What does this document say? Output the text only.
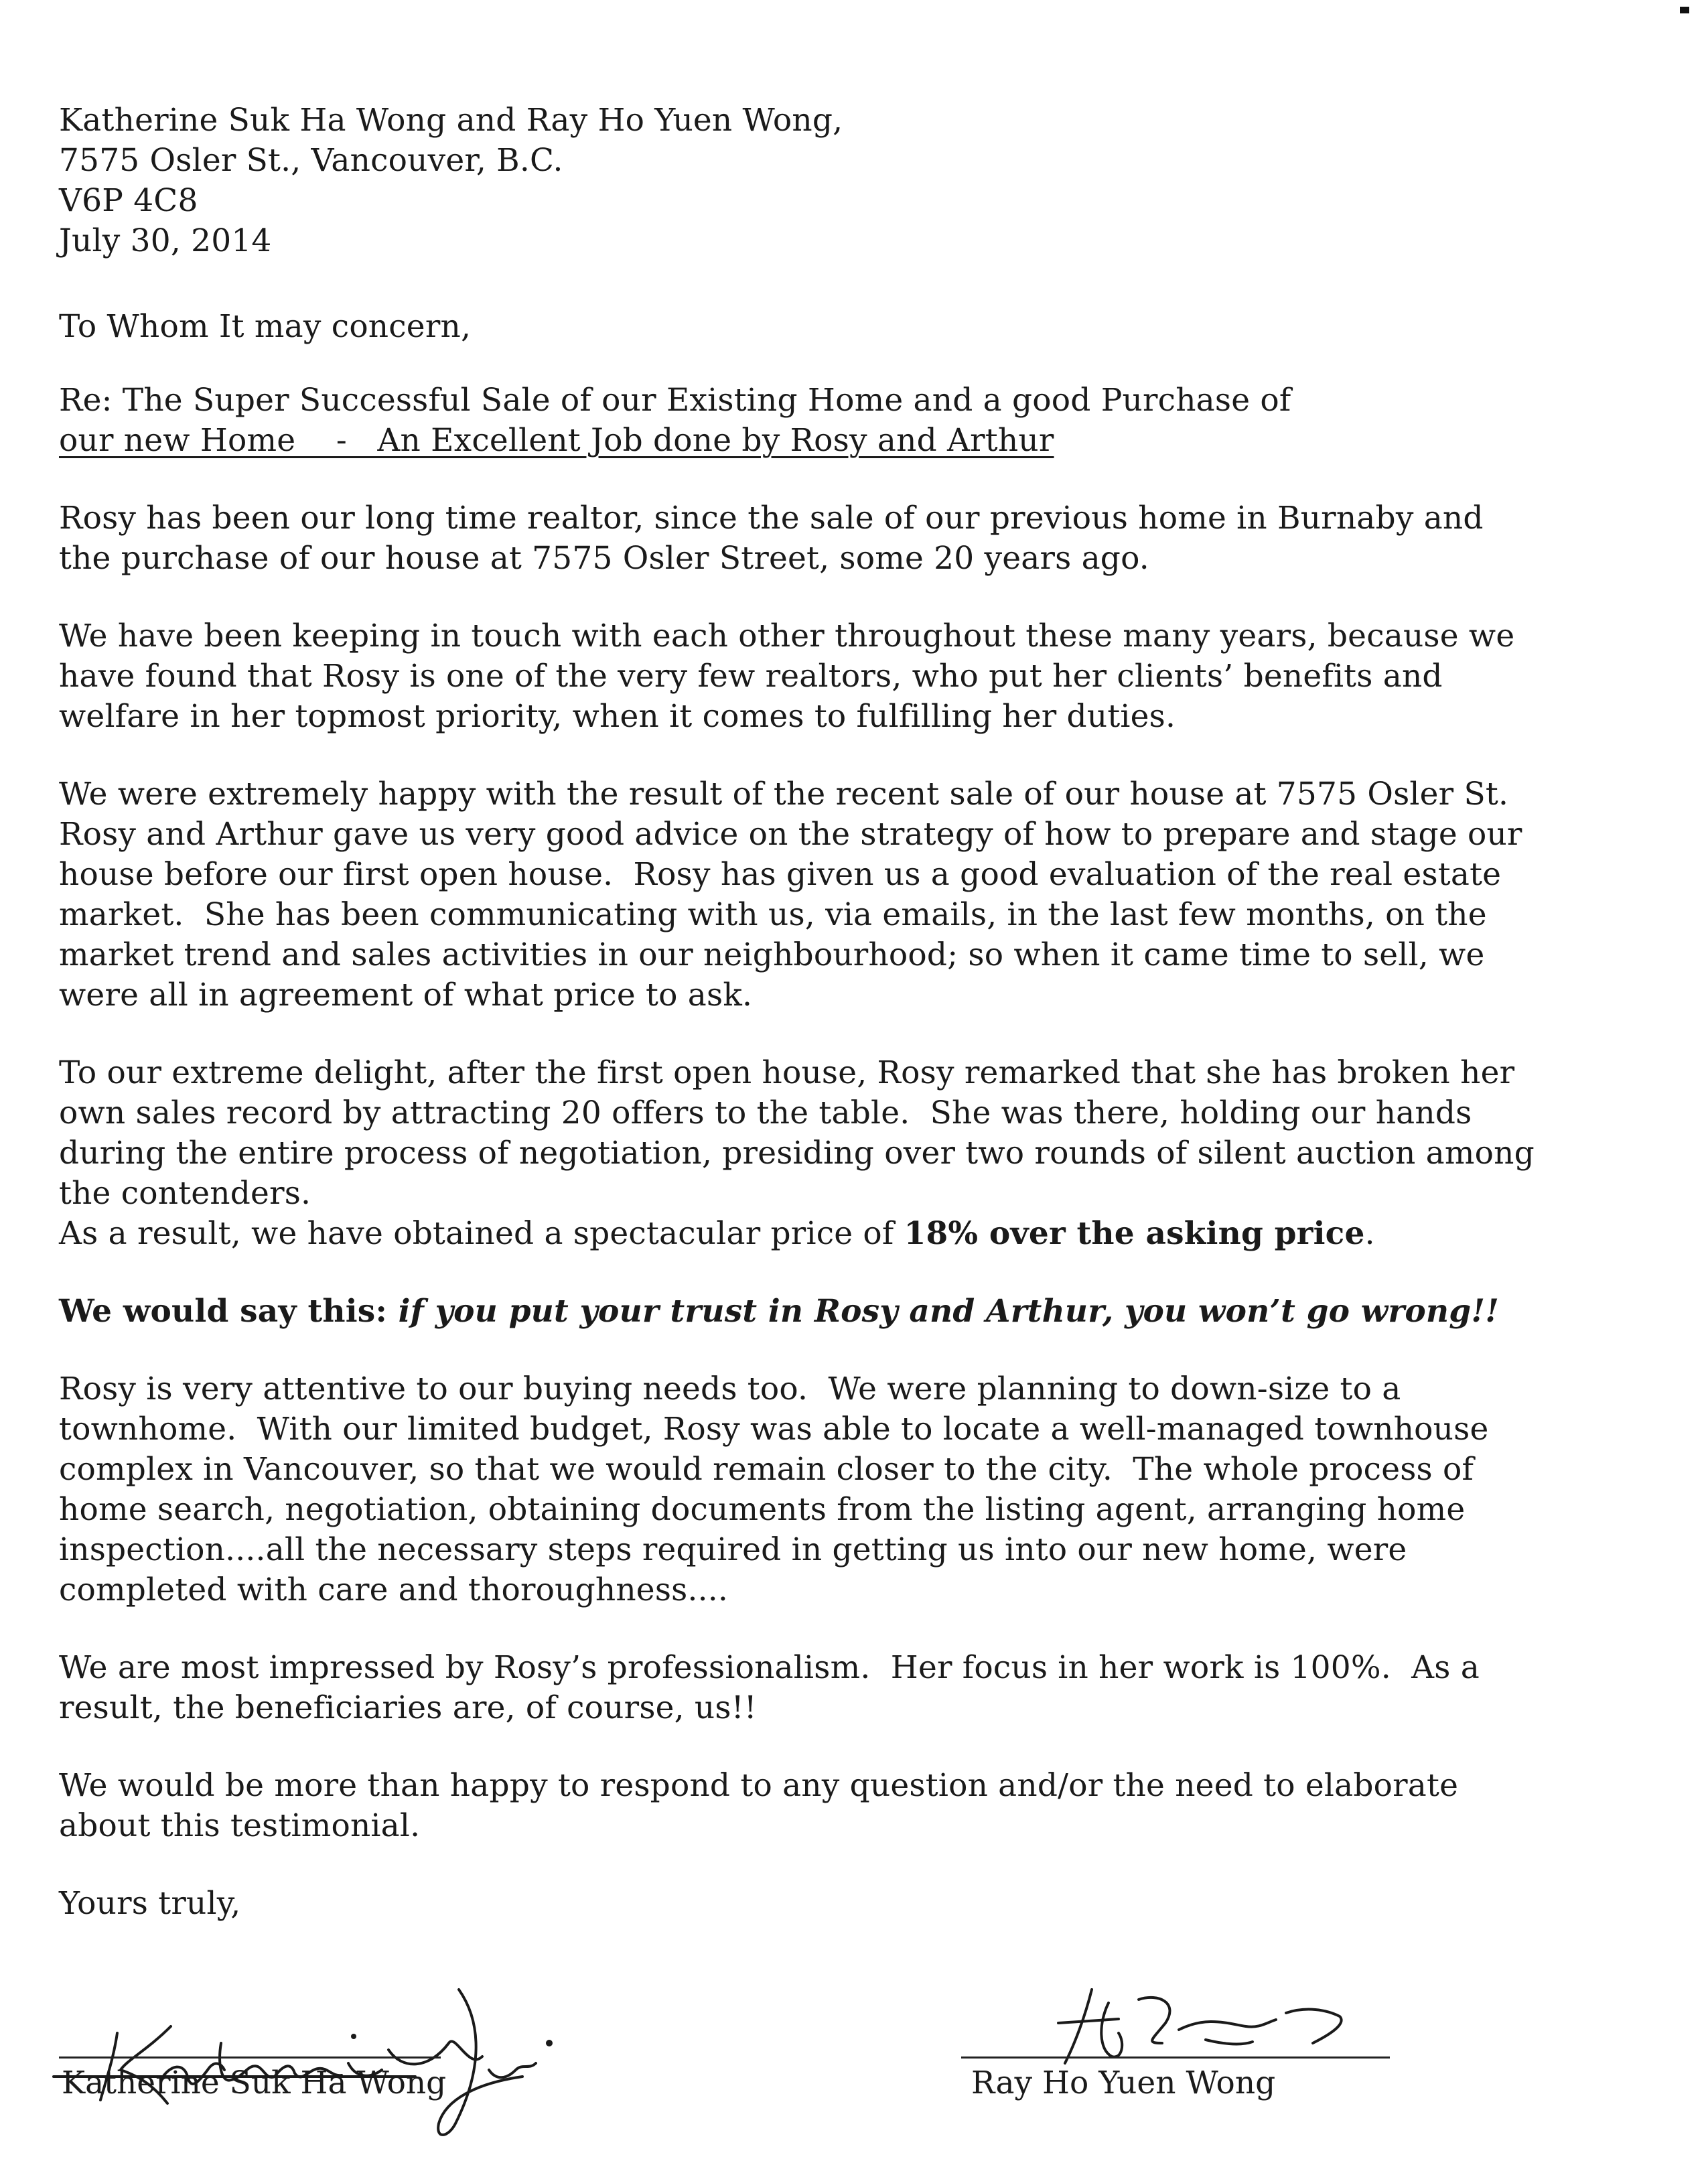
Katherine Suk Ha Wong and Ray Ho Yuen Wong,
7575 Osler St., Vancouver, B.C.
V6P 4C8
July 30, 2014
To Whom It may concern,
Re: The Super Successful Sale of our Existing Home and a good Purchase of
our new Home    -   An Excellent Job done by Rosy and Arthur
Rosy has been our long time realtor, since the sale of our previous home in Burnaby and
the purchase of our house at 7575 Osler Street, some 20 years ago.
We have been keeping in touch with each other throughout these many years, because we
have found that Rosy is one of the very few realtors, who put her clients’ benefits and
welfare in her topmost priority, when it comes to fulfilling her duties.
We were extremely happy with the result of the recent sale of our house at 7575 Osler St.
Rosy and Arthur gave us very good advice on the strategy of how to prepare and stage our
house before our first open house.  Rosy has given us a good evaluation of the real estate
market.  She has been communicating with us, via emails, in the last few months, on the
market trend and sales activities in our neighbourhood; so when it came time to sell, we
were all in agreement of what price to ask.
To our extreme delight, after the first open house, Rosy remarked that she has broken her
own sales record by attracting 20 offers to the table.  She was there, holding our hands
during the entire process of negotiation, presiding over two rounds of silent auction among
the contenders.
As a result, we have obtained a spectacular price of 18% over the asking price.
We would say this: if you put your trust in Rosy and Arthur, you won’t go wrong!!
Rosy is very attentive to our buying needs too.  We were planning to down-size to a
townhome.  With our limited budget, Rosy was able to locate a well-managed townhouse
complex in Vancouver, so that we would remain closer to the city.  The whole process of
home search, negotiation, obtaining documents from the listing agent, arranging home
inspection....all the necessary steps required in getting us into our new home, were
completed with care and thoroughness....
We are most impressed by Rosy’s professionalism.  Her focus in her work is 100%.  As a
result, the beneficiaries are, of course, us!!
We would be more than happy to respond to any question and/or the need to elaborate
about this testimonial.
Yours truly,
Katherine Suk Ha Wong	Ray Ho Yuen Wong
